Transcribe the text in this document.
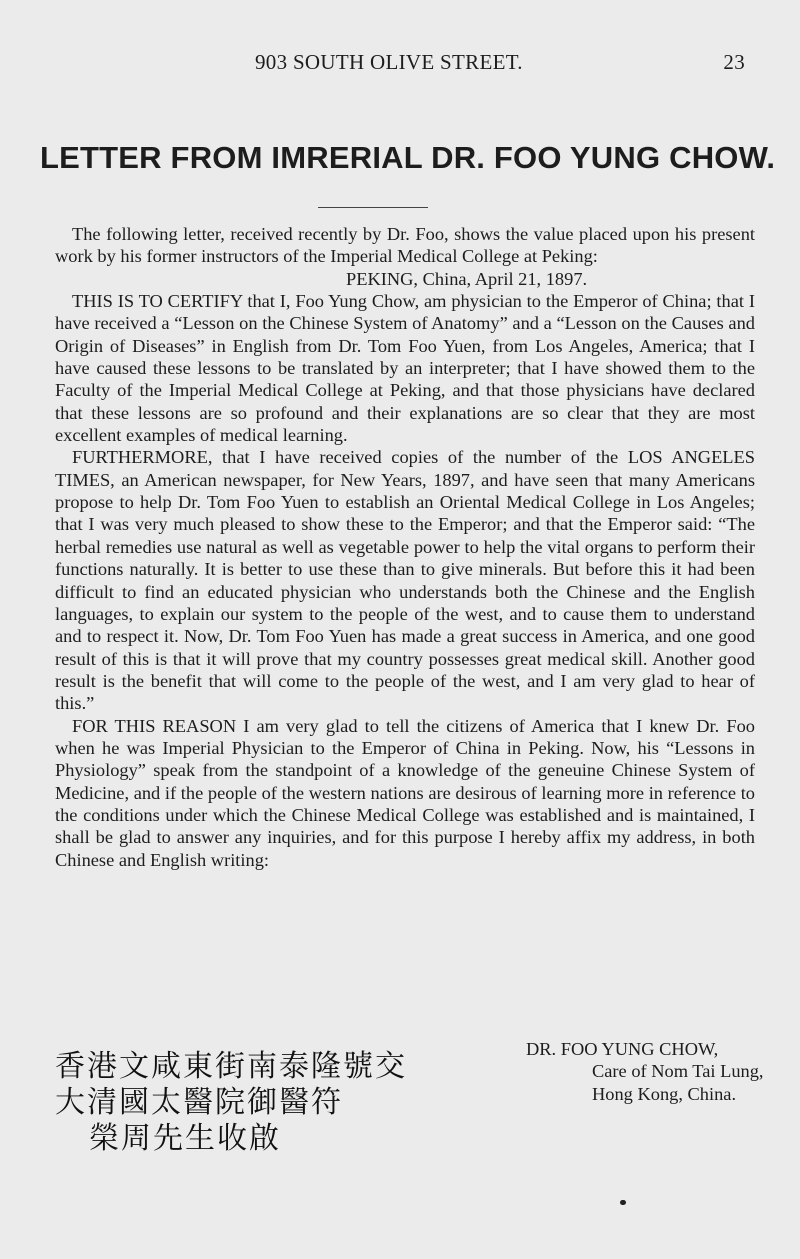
903 SOUTH OLIVE STREET.	23
LETTER FROM IMRERIAL DR. FOO YUNG CHOW.

The following letter, received recently by Dr. Foo, shows the value placed upon his present work by his former instructors of the Imperial Medical College at Peking:

PEKING, China, April 21, 1897.

THIS IS TO CERTIFY that I, Foo Yung Chow, am physician to the Emperor of China; that I have received a “Lesson on the Chinese System of Anatomy” and a “Lesson on the Causes and Origin of Diseases” in English from Dr. Tom Foo Yuen, from Los Angeles, America; that I have caused these lessons to be translated by an interpreter; that I have showed them to the Faculty of the Imperial Medical College at Peking, and that those physicians have declared that these lessons are so profound and their explanations are so clear that they are most excellent examples of medical learning.

FURTHERMORE, that I have received copies of the number of the LOS ANGELES TIMES, an American newspaper, for New Years, 1897, and have seen that many Americans propose to help Dr. Tom Foo Yuen to establish an Oriental Medical College in Los Angeles; that I was very much pleased to show these to the Emperor; and that the Emperor said: “The herbal remedies use natural as well as vegetable power to help the vital organs to perform their functions naturally. It is better to use these than to give minerals. But before this it had been difficult to find an educated physician who understands both the Chinese and the English languages, to explain our system to the people of the west, and to cause them to understand and to respect it. Now, Dr. Tom Foo Yuen has made a great success in America, and one good result of this is that it will prove that my country possesses great medical skill. Another good result is the benefit that will come to the people of the west, and I am very glad to hear of this.”

FOR THIS REASON I am very glad to tell the citizens of America that I knew Dr. Foo when he was Imperial Physician to the Emperor of China in Peking. Now, his “Lessons in Physiology” speak from the standpoint of a knowledge of the geneuine Chinese System of Medicine, and if the people of the western nations are desirous of learning more in reference to the conditions under which the Chinese Medical College was established and is maintained, I shall be glad to answer any inquiries, and for this purpose I hereby affix my address, in both Chinese and English writing:

香港文咸東街南泰隆號交
大清國太醫院御醫符
榮周先生收啟
DR. FOO YUNG CHOW,
Care of Nom Tai Lung,
Hong Kong, China.
